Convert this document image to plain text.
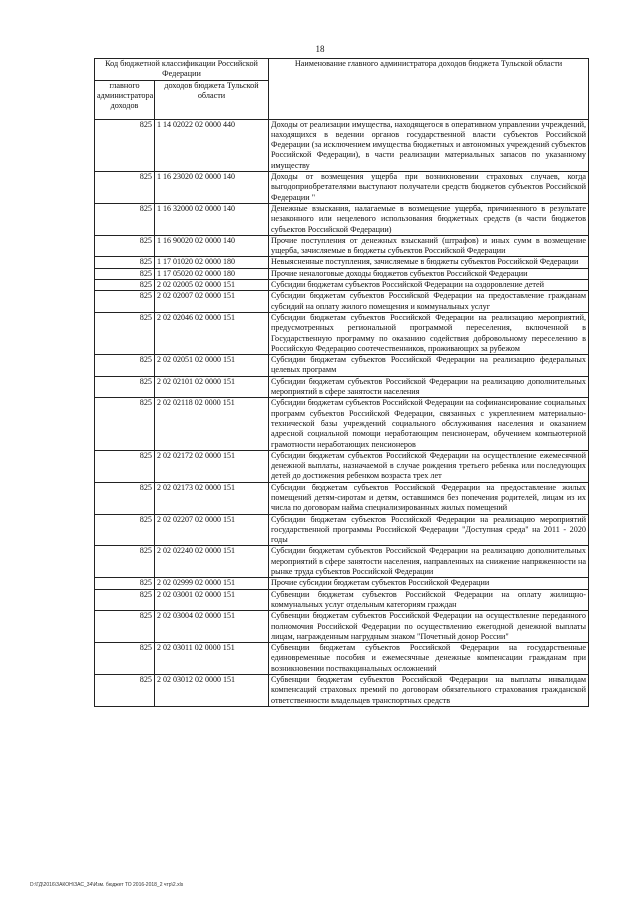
18
Код бюджетной классификации Российской Федерации		Наименование главного администратора доходов бюджета Тульской области
главного администратора доходов	доходов бюджета Тульской области	
825	1 14 02022 02 0000 440	Доходы от реализации имущества, находящегося в оперативном управлении учреждений, находящихся в ведении органов государственной власти субъектов Российской Федерации (за исключением имущества бюджетных и автономных учреждений субъектов Российской Федерации), в части реализации материальных запасов по указанному имуществу
825	1 16 23020 02 0000 140	Доходы от возмещения ущерба при возникновении страховых случаев, когда выгодоприобретателями выступают получатели средств бюджетов субъектов Российской Федерации "
825	1 16 32000 02 0000 140	Денежные взыскания, налагаемые в возмещение ущерба, причиненного в результате незаконного или нецелевого использования бюджетных средств (в части бюджетов субъектов Российской Федерации)
825	1 16 90020 02 0000 140	Прочие поступления от денежных взысканий (штрафов) и иных сумм в возмещение ущерба, зачисляемые в бюджеты субъектов Российской Федерации
825	1 17 01020 02 0000 180	Невыясненные поступления, зачисляемые в бюджеты субъектов Российской Федерации
825	1 17 05020 02 0000 180	Прочие неналоговые доходы бюджетов субъектов Российской Федерации
825	2 02 02005 02 0000 151	Субсидии бюджетам субъектов Российской Федерации на оздоровление детей
825	2 02 02007 02 0000 151	Субсидии бюджетам субъектов Российской Федерации на предоставление гражданам субсидий на оплату жилого помещения и коммунальных услуг
825	2 02 02046 02 0000 151	Субсидии бюджетам субъектов Российской Федерации на реализацию мероприятий, предусмотренных региональной программой переселения, включенной в Государственную программу по оказанию содействия добровольному переселению в Российскую Федерацию соотечественников, проживающих за рубежом
825	2 02 02051 02 0000 151	Субсидии бюджетам субъектов Российской Федерации на реализацию федеральных целевых программ
825	2 02 02101 02 0000 151	Субсидии бюджетам субъектов Российской Федерации на реализацию дополнительных мероприятий в сфере занятости населения
825	2 02 02118 02 0000 151	Субсидии бюджетам субъектов Российской Федерации на софинансирование социальных программ субъектов Российской Федерации, связанных с укреплением материально-технической базы учреждений социального обслуживания населения и оказанием адресной социальной помощи неработающим пенсионерам, обучением компьютерной грамотности неработающих пенсионеров
825	2 02 02172 02 0000 151	Субсидии бюджетам субъектов Российской Федерации на осуществление ежемесячной денежной выплаты, назначаемой в случае рождения третьего ребенка или последующих детей до достижения ребенком возраста трех лет
825	2 02 02173 02 0000 151	Субсидии бюджетам субъектов Российской Федерации на предоставление жилых помещений детям-сиротам и детям, оставшимся без попечения родителей, лицам из их числа по договорам найма специализированных жилых помещений
825	2 02 02207 02 0000 151	Субсидии бюджетам субъектов Российской Федерации на реализацию мероприятий государственной программы Российской Федерации "Доступная среда" на 2011 - 2020 годы
825	2 02 02240 02 0000 151	Субсидии бюджетам субъектов Российской Федерации на реализацию дополнительных мероприятий в сфере занятости населения, направленных на снижение напряженности на рынке труда субъектов Российской Федерации
825	2 02 02999 02 0000 151	Прочие субсидии бюджетам субъектов Российской Федерации
825	2 02 03001 02 0000 151	Субвенции бюджетам субъектов Российской Федерации на оплату жилищно-коммунальных услуг отдельным категориям граждан
825	2 02 03004 02 0000 151	Субвенции бюджетам субъектов Российской Федерации на осуществление переданного полномочия Российской Федерации по осуществлению ежегодной денежной выплаты лицам, награжденным нагрудным знаком "Почетный донор России"
825	2 02 03011 02 0000 151	Субвенции бюджетам субъектов Российской Федерации на государственные единовременные пособия и ежемесячные денежные компенсации гражданам при возникновении поствакцинальных осложнений
825	2 02 03012 02 0000 151	Субвенции бюджетам субъектов Российской Федерации на выплаты инвалидам компенсаций страховых премий по договорам обязательного страхования гражданской ответственности владельцев транспортных средств
D:\ГД\2016\ЗАКОН\ЗАС_34\Изм. бюджет ТО 2016-2018_2 чтр\2.xls
